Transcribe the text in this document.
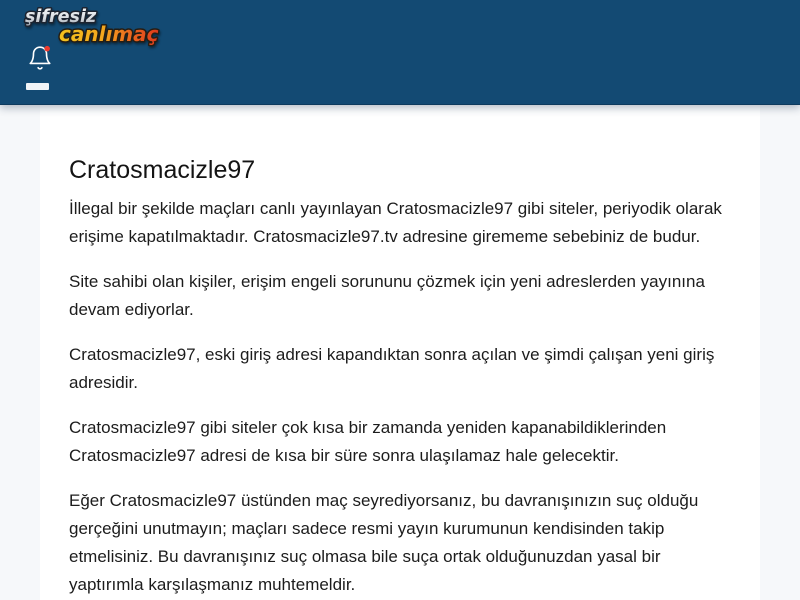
şifresiz
canlımaç
Cratosmacizle97

İllegal bir şekilde maçları canlı yayınlayan Cratosmacizle97 gibi siteler, periyodik olarak erişime kapatılmaktadır. Cratosmacizle97.tv adresine girememe sebebiniz de budur.

Site sahibi olan kişiler, erişim engeli sorununu çözmek için yeni adreslerden yayınına devam ediyorlar.

Cratosmacizle97, eski giriş adresi kapandıktan sonra açılan ve şimdi çalışan yeni giriş adresidir.

Cratosmacizle97 gibi siteler çok kısa bir zamanda yeniden kapanabildiklerinden Cratosmacizle97 adresi de kısa bir süre sonra ulaşılamaz hale gelecektir.

Eğer Cratosmacizle97 üstünden maç seyrediyorsanız, bu davranışınızın suç olduğu gerçeğini unutmayın; maçları sadece resmi yayın kurumunun kendisinden takip etmelisiniz. Bu davranışınız suç olmasa bile suça ortak olduğunuzdan yasal bir yaptırımla karşılaşmanız muhtemeldir.
